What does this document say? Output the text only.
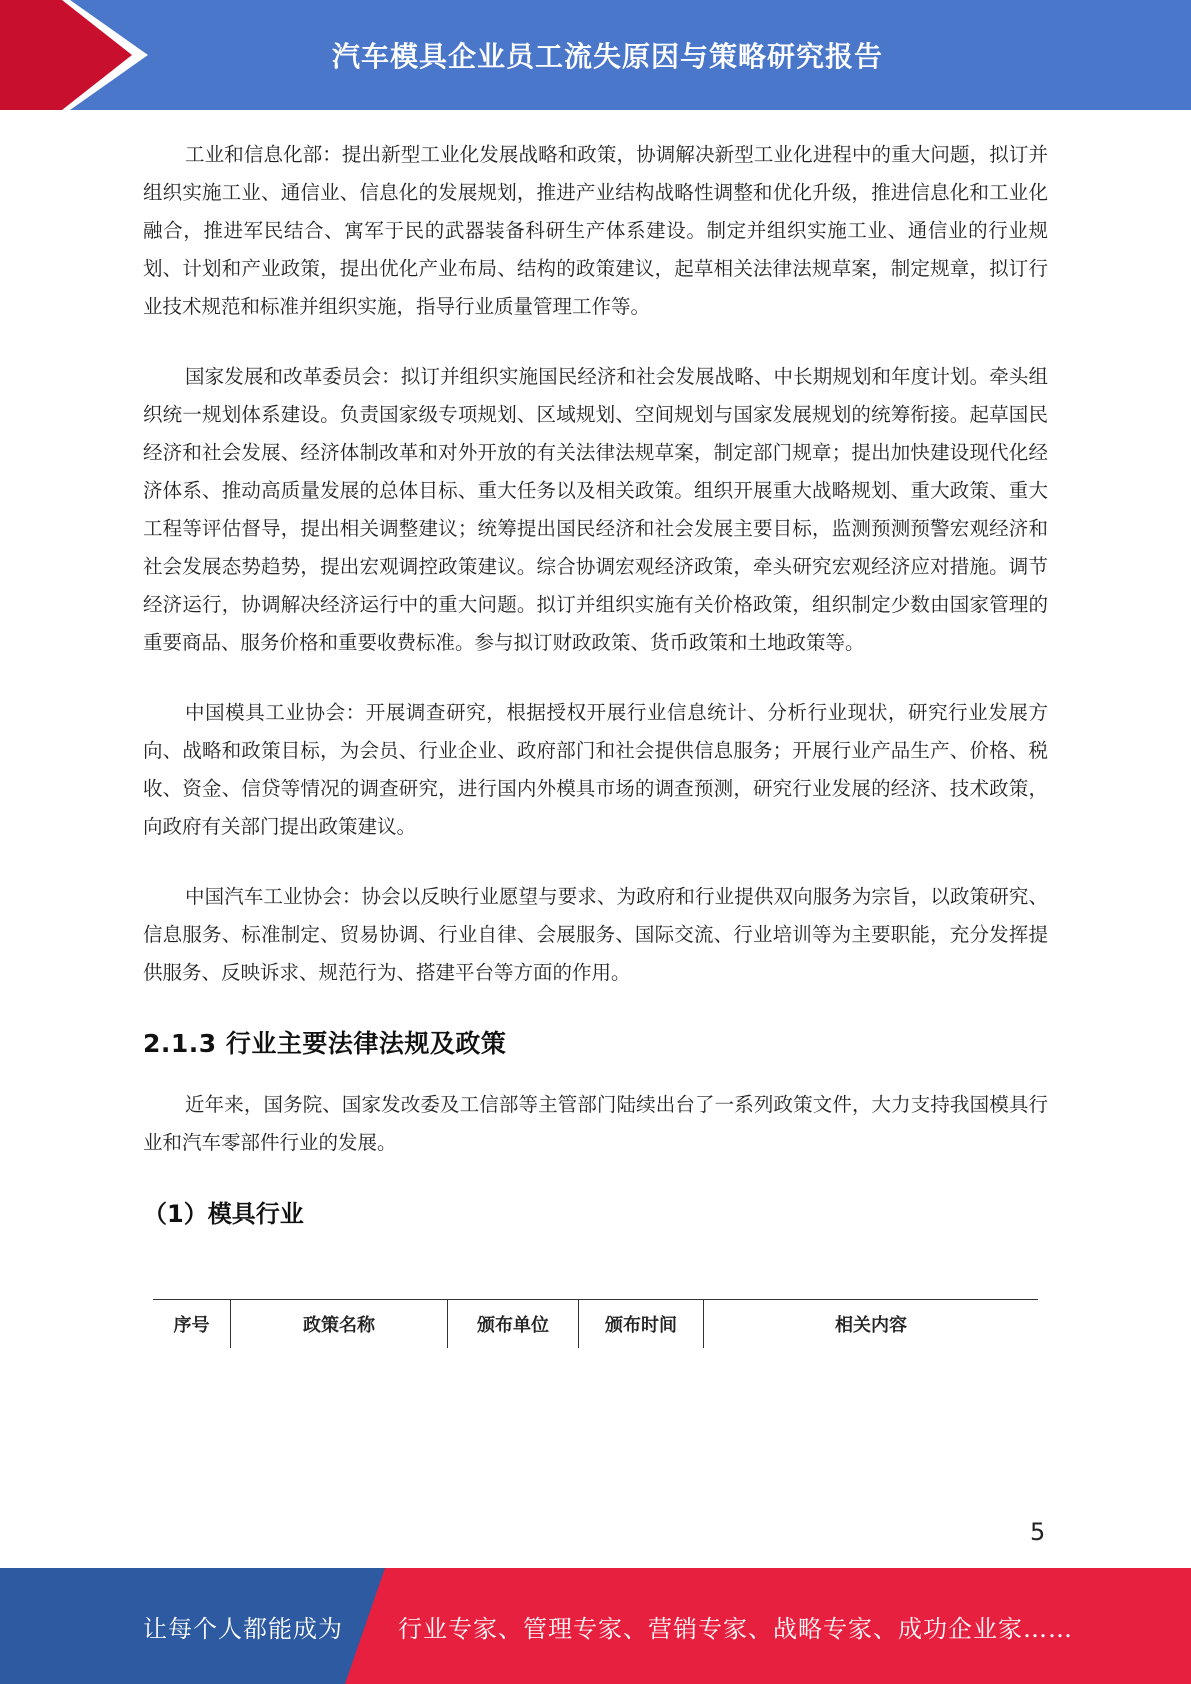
汽车模具企业员工流失原因与策略研究报告

工业和信息化部：提出新型工业化发展战略和政策，协调解决新型工业化进程中的重大问题，拟订并组织实施工业、通信业、信息化的发展规划，推进产业结构战略性调整和优化升级，推进信息化和工业化融合，推进军民结合、寓军于民的武器装备科研生产体系建设。制定并组织实施工业、通信业的行业规划、计划和产业政策，提出优化产业布局、结构的政策建议，起草相关法律法规草案，制定规章，拟订行业技术规范和标准并组织实施，指导行业质量管理工作等。

国家发展和改革委员会：拟订并组织实施国民经济和社会发展战略、中长期规划和年度计划。牵头组织统一规划体系建设。负责国家级专项规划、区域规划、空间规划与国家发展规划的统筹衔接。起草国民经济和社会发展、经济体制改革和对外开放的有关法律法规草案，制定部门规章；提出加快建设现代化经济体系、推动高质量发展的总体目标、重大任务以及相关政策。组织开展重大战略规划、重大政策、重大工程等评估督导，提出相关调整建议；统筹提出国民经济和社会发展主要目标，监测预测预警宏观经济和社会发展态势趋势，提出宏观调控政策建议。综合协调宏观经济政策，牵头研究宏观经济应对措施。调节经济运行，协调解决经济运行中的重大问题。拟订并组织实施有关价格政策，组织制定少数由国家管理的重要商品、服务价格和重要收费标准。参与拟订财政政策、货币政策和土地政策等。

中国模具工业协会：开展调查研究，根据授权开展行业信息统计、分析行业现状，研究行业发展方向、战略和政策目标，为会员、行业企业、政府部门和社会提供信息服务；开展行业产品生产、价格、税收、资金、信贷等情况的调查研究，进行国内外模具市场的调查预测，研究行业发展的经济、技术政策，向政府有关部门提出政策建议。

中国汽车工业协会：协会以反映行业愿望与要求、为政府和行业提供双向服务为宗旨，以政策研究、信息服务、标准制定、贸易协调、行业自律、会展服务、国际交流、行业培训等为主要职能，充分发挥提供服务、反映诉求、规范行为、搭建平台等方面的作用。

2.1.3 行业主要法律法规及政策

近年来，国务院、国家发改委及工信部等主管部门陆续出台了一系列政策文件，大力支持我国模具行业和汽车零部件行业的发展。

（1）模具行业
序号	政策名称	颁布单位	颁布时间	相关内容
5
让每个人都能成为 行业专家、管理专家、营销专家、战略专家、成功企业家……
